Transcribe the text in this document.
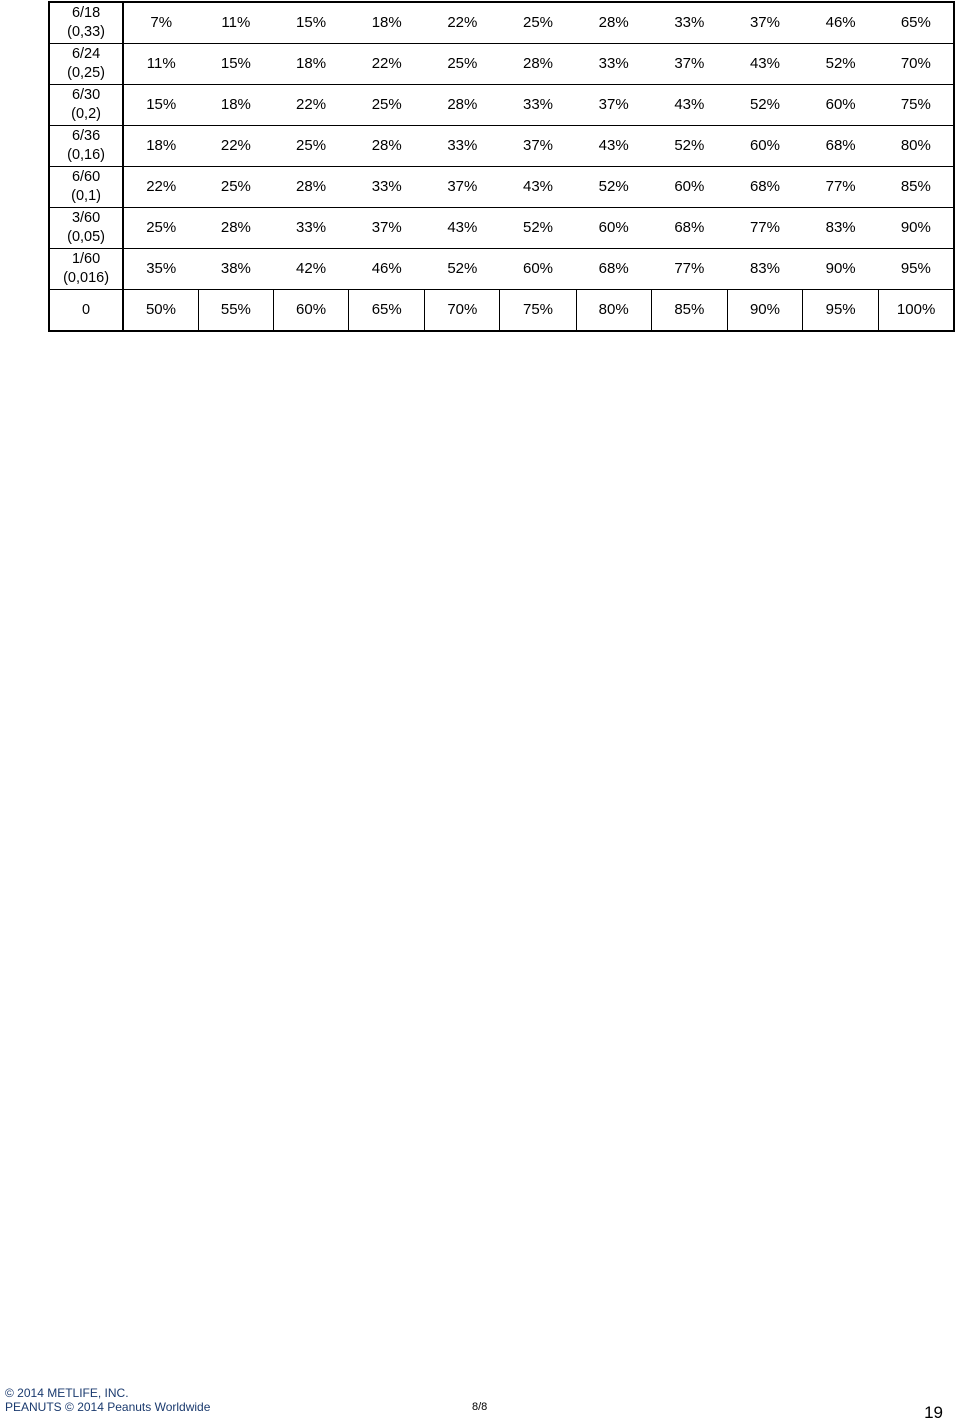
6/18
(0,33)	7%	11%	15%	18%	22%	25%	28%	33%	37%	46%	65%

6/24
(0,25)	11%	15%	18%	22%	25%	28%	33%	37%	43%	52%	70%

6/30
(0,2)	15%	18%	22%	25%	28%	33%	37%	43%	52%	60%	75%

6/36
(0,16)	18%	22%	25%	28%	33%	37%	43%	52%	60%	68%	80%

6/60
(0,1)	22%	25%	28%	33%	37%	43%	52%	60%	68%	77%	85%

3/60
(0,05)	25%	28%	33%	37%	43%	52%	60%	68%	77%	83%	90%

1/60
(0,016)	35%	38%	42%	46%	52%	60%	68%	77%	83%	90%	95%

0	50%	55%	60%	65%	70%	75%	80%	85%	90%	95%	100%
© 2014 METLIFE, INC.
PEANUTS © 2014 Peanuts Worldwide	8/8	19
